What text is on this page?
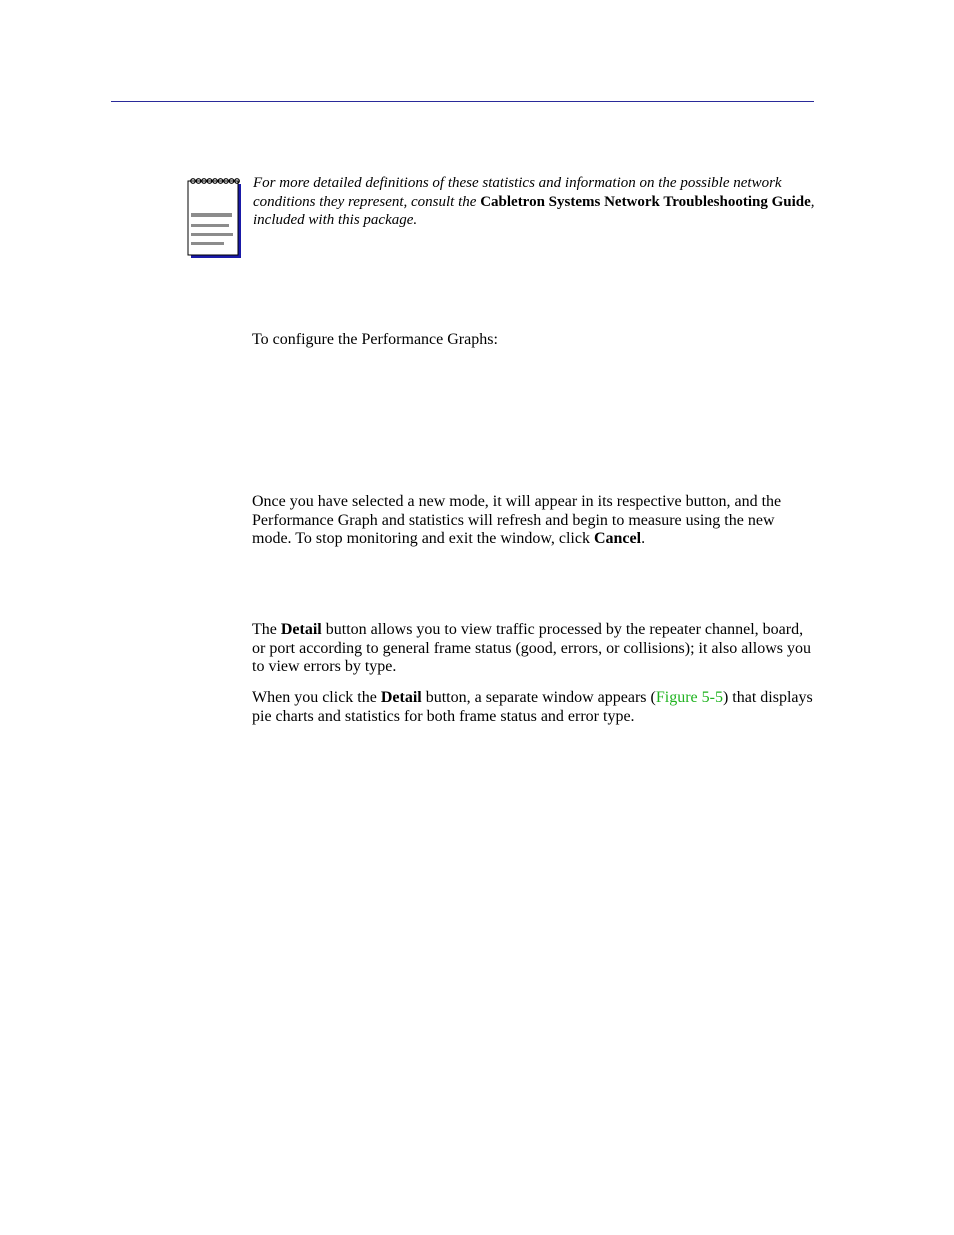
For more detailed definitions of these statistics and information on the possible network conditions they represent, consult the Cabletron Systems Network Troubleshooting Guide, included with this package.

To configure the Performance Graphs:

Once you have selected a new mode, it will appear in its respective button, and the Performance Graph and statistics will refresh and begin to measure using the new mode. To stop monitoring and exit the window, click Cancel.

The Detail button allows you to view traffic processed by the repeater channel, board, or port according to general frame status (good, errors, or collisions); it also allows you to view errors by type.

When you click the Detail button, a separate window appears (Figure 5-5) that displays pie charts and statistics for both frame status and error type.
